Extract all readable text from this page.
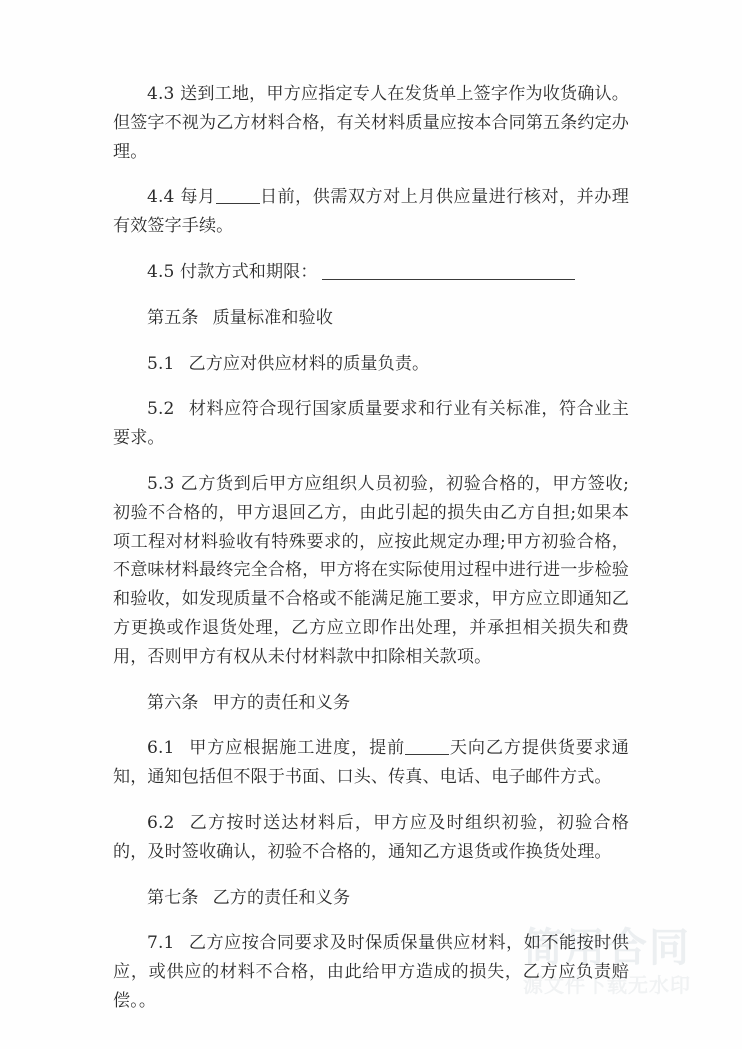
4.3 送到工地，甲方应指定专人在发货单上签字作为收货确认。但签字不视为乙方材料合格，有关材料质量应按本合同第五条约定办理。

4.4 每月	日前，供需双方对上月供应量进行核对，并办理有效签字手续。

4.5 付款方式和期限：

第五条 质量标准和验收

5.1 乙方应对供应材料的质量负责。

5.2 材料应符合现行国家质量要求和行业有关标准，符合业主要求。

5.3 乙方货到后甲方应组织人员初验，初验合格的，甲方签收;初验不合格的，甲方退回乙方，由此引起的损失由乙方自担;如果本项工程对材料验收有特殊要求的，应按此规定办理;甲方初验合格，不意味材料最终完全合格，甲方将在实际使用过程中进行进一步检验和验收，如发现质量不合格或不能满足施工要求，甲方应立即通知乙方更换或作退货处理，乙方应立即作出处理，并承担相关损失和费用，否则甲方有权从未付材料款中扣除相关款项。

第六条 甲方的责任和义务

6.1 甲方应根据施工进度，提前	天向乙方提供货要求通知，通知包括但不限于书面、口头、传真、电话、电子邮件方式。

6.2 乙方按时送达材料后，甲方应及时组织初验，初验合格的，及时签收确认，初验不合格的，通知乙方退货或作换货处理。

第七条 乙方的责任和义务

7.1 乙方应按合同要求及时保质保量供应材料，如不能按时供应，或供应的材料不合格，由此给甲方造成的损失，乙方应负责赔偿。。

简用合同
源文件下载无水印
